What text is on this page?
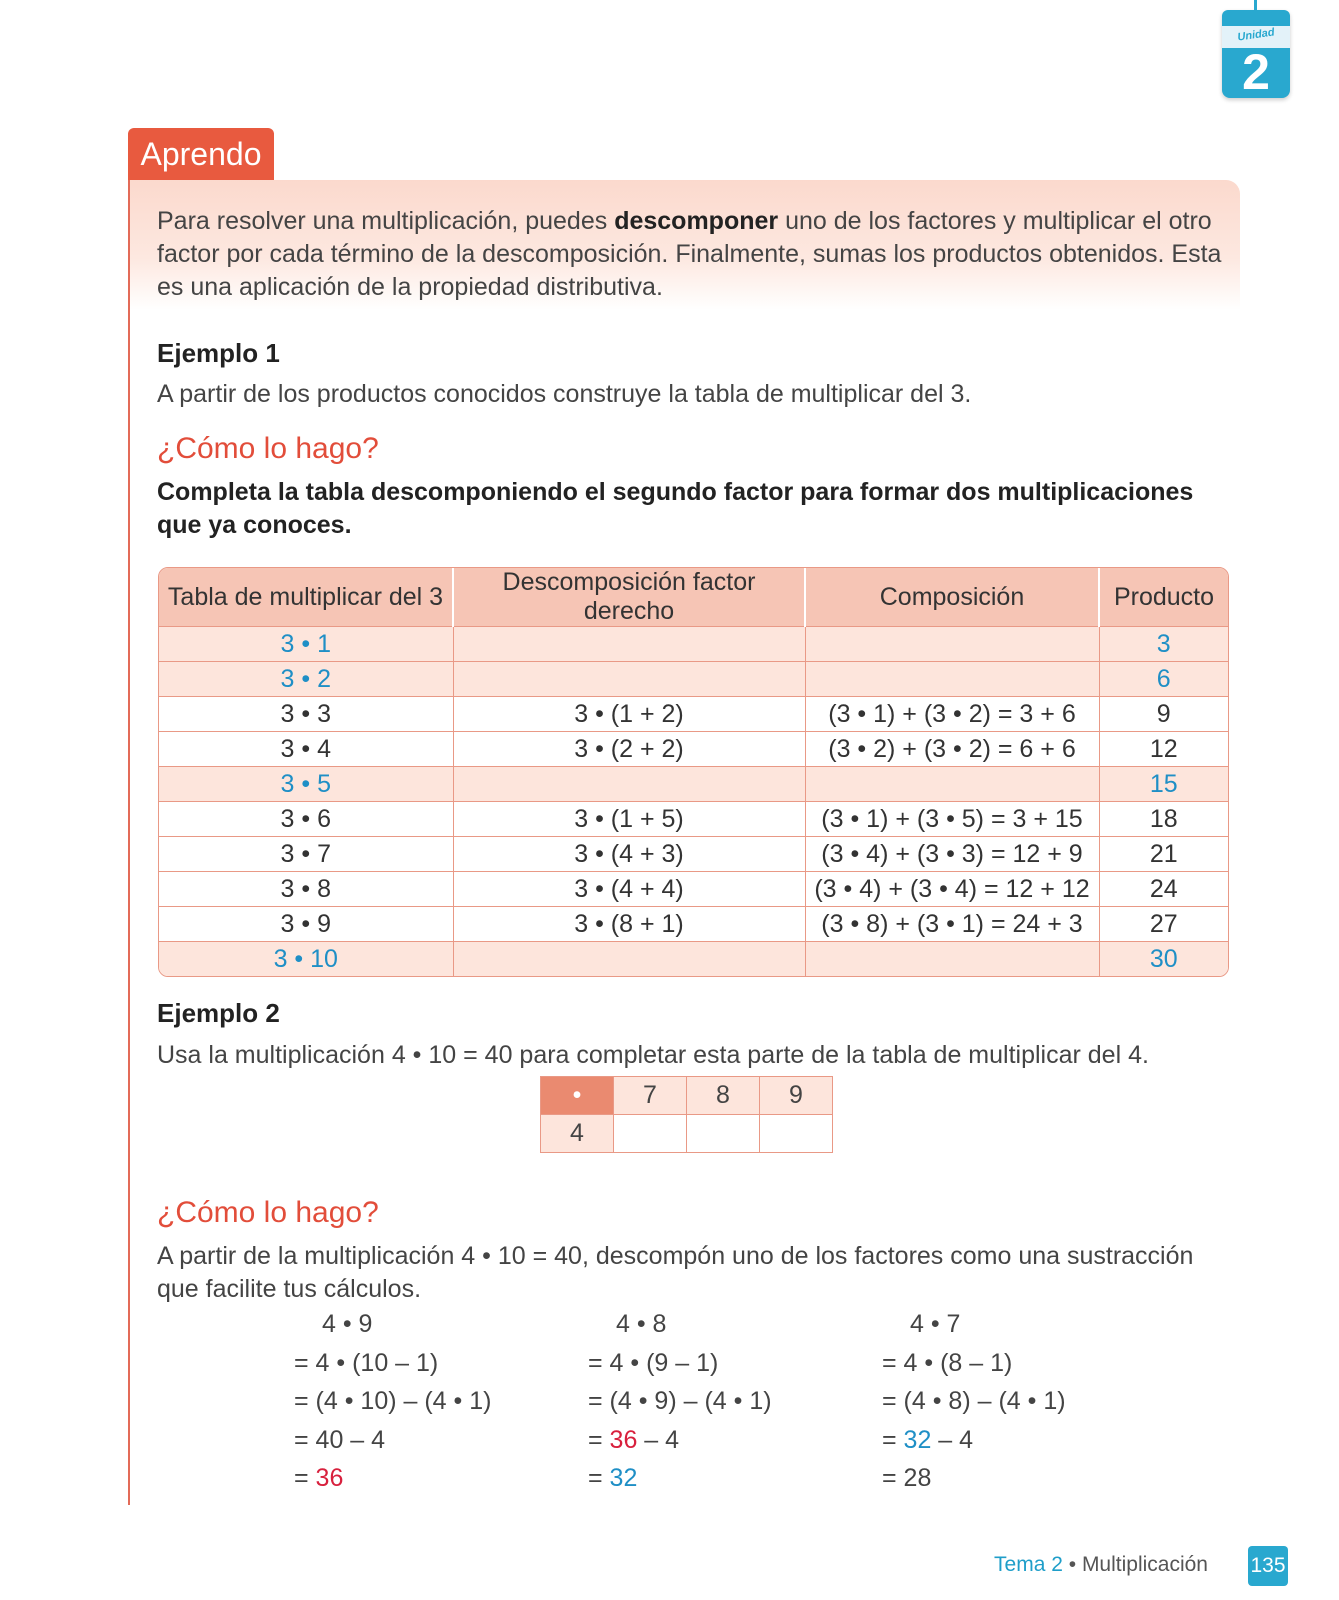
Unidad
2
Aprendo
Para resolver una multiplicación, puedes descomponer uno de los factores y multiplicar el otro factor por cada término de la descomposición. Finalmente, sumas los productos obtenidos. Esta es una aplicación de la propiedad distributiva.
Ejemplo 1
A partir de los productos conocidos construye la tabla de multiplicar del 3.
¿Cómo lo hago?
Completa la tabla descomponiendo el segundo factor para formar dos multiplicaciones que ya conoces.
Tabla de multiplicar del 3	Descomposición factor derecho	Composición	Producto
3 • 1			3
3 • 2			6
3 • 3	3 • (1 + 2)	(3 • 1) + (3 • 2) = 3 + 6	9
3 • 4	3 • (2 + 2)	(3 • 2) + (3 • 2) = 6 + 6	12
3 • 5			15
3 • 6	3 • (1 + 5)	(3 • 1) + (3 • 5) = 3 + 15	18
3 • 7	3 • (4 + 3)	(3 • 4) + (3 • 3) = 12 + 9	21
3 • 8	3 • (4 + 4)	(3 • 4) + (3 • 4) = 12 + 12	24
3 • 9	3 • (8 + 1)	(3 • 8) + (3 • 1) = 24 + 3	27
3 • 10			30
Ejemplo 2
Usa la multiplicación 4 • 10 = 40 para completar esta parte de la tabla de multiplicar del 4.
•	7	8	9
4			
¿Cómo lo hago?
A partir de la multiplicación 4 • 10 = 40, descompón uno de los factores como una sustracción que facilite tus cálculos.
4 • 9
= 4 • (10 – 1)
= (4 • 10) – (4 • 1)
= 40 – 4
= 36
4 • 8
= 4 • (9 – 1)
= (4 • 9) – (4 • 1)
= 36 – 4
= 32
4 • 7
= 4 • (8 – 1)
= (4 • 8) – (4 • 1)
= 32 – 4
= 28
Tema 2 • Multiplicación 135
